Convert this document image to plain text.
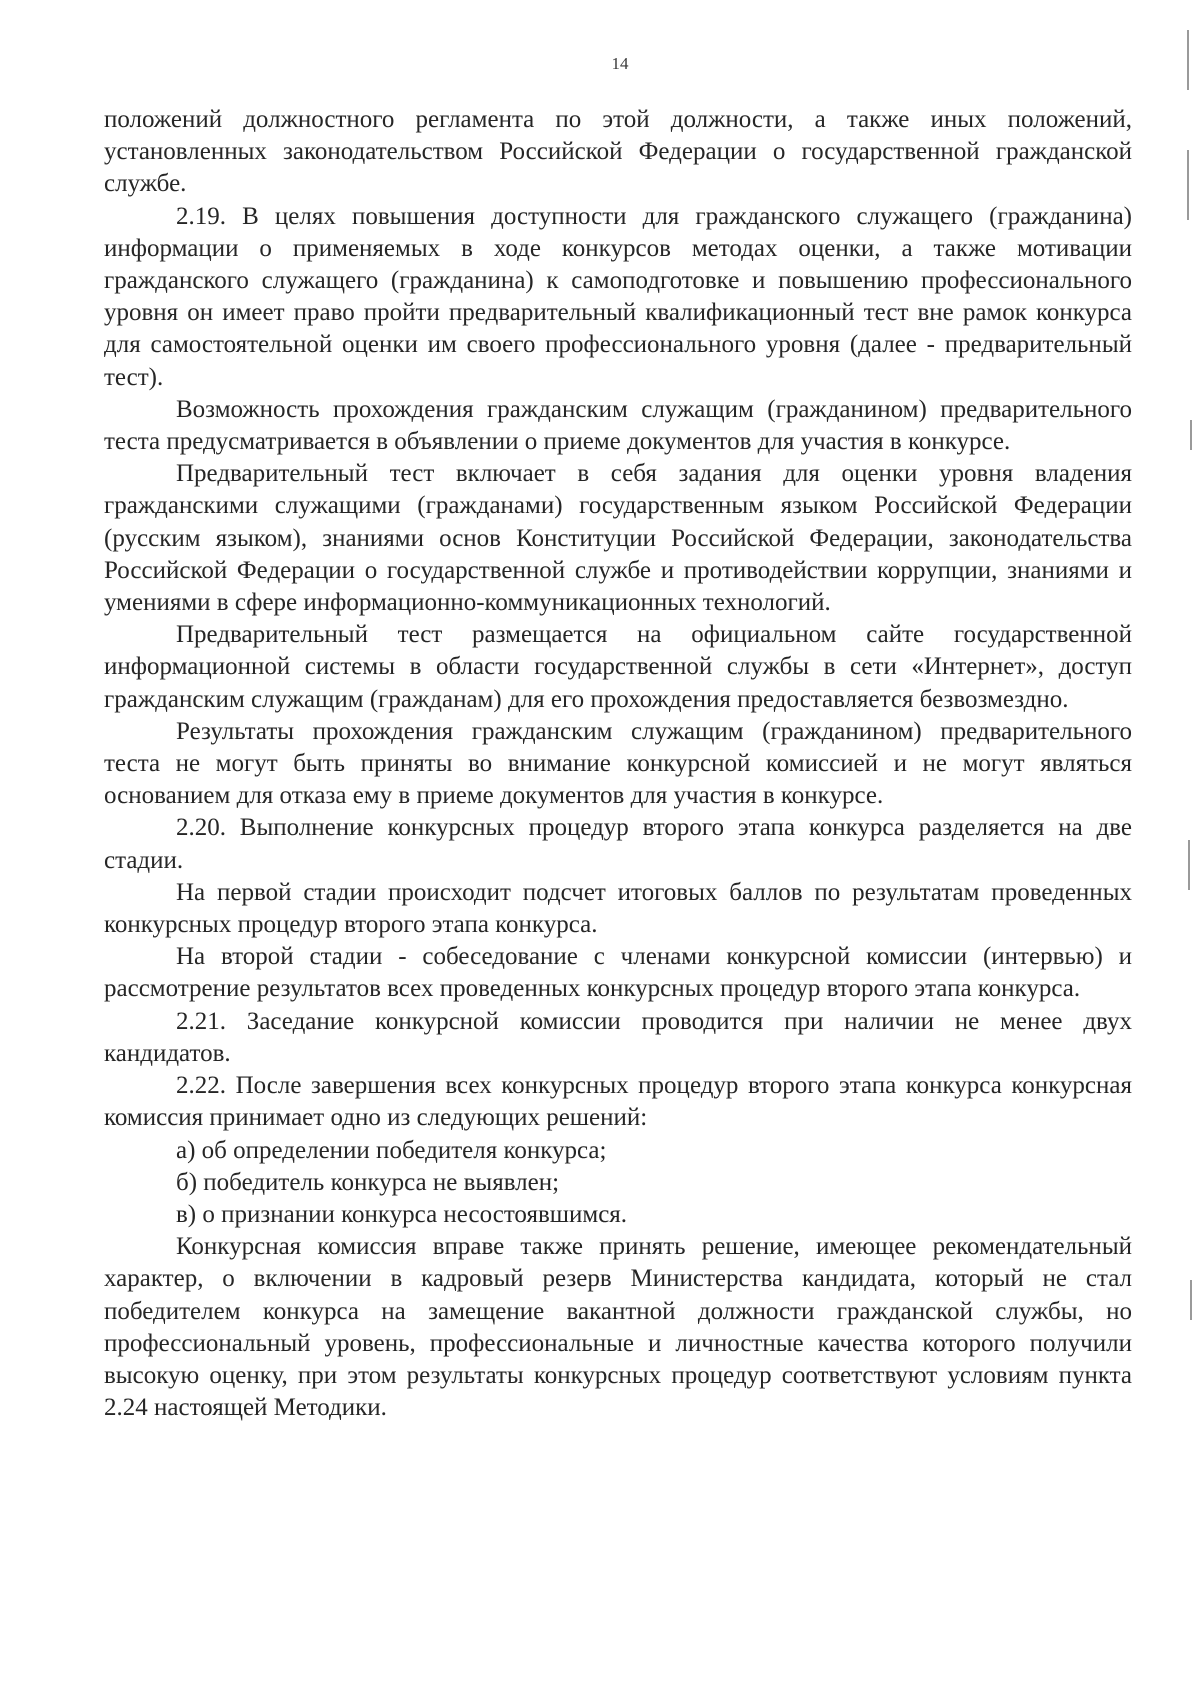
14

положений должностного регламента по этой должности, а также иных положений, установленных законодательством Российской Федерации о государственной гражданской службе.

2.19. В целях повышения доступности для гражданского служащего (гражданина) информации о применяемых в ходе конкурсов методах оценки, а также мотивации гражданского служащего (гражданина) к самоподготовке и повышению профессионального уровня он имеет право пройти предварительный квалификационный тест вне рамок конкурса для самостоятельной оценки им своего профессионального уровня (далее - предварительный тест).

Возможность прохождения гражданским служащим (гражданином) предварительного теста предусматривается в объявлении о приеме документов для участия в конкурсе.

Предварительный тест включает в себя задания для оценки уровня владения гражданскими служащими (гражданами) государственным языком Российской Федерации (русским языком), знаниями основ Конституции Российской Федерации, законодательства Российской Федерации о государственной службе и противодействии коррупции, знаниями и умениями в сфере информационно-коммуникационных технологий.

Предварительный тест размещается на официальном сайте государственной информационной системы в области государственной службы в сети «Интернет», доступ гражданским служащим (гражданам) для его прохождения предоставляется безвозмездно.

Результаты прохождения гражданским служащим (гражданином) предварительного теста не могут быть приняты во внимание конкурсной комиссией и не могут являться основанием для отказа ему в приеме документов для участия в конкурсе.

2.20. Выполнение конкурсных процедур второго этапа конкурса разделяется на две стадии.

На первой стадии происходит подсчет итоговых баллов по результатам проведенных конкурсных процедур второго этапа конкурса.

На второй стадии - собеседование с членами конкурсной комиссии (интервью) и рассмотрение результатов всех проведенных конкурсных процедур второго этапа конкурса.

2.21. Заседание конкурсной комиссии проводится при наличии не менее двух кандидатов.

2.22. После завершения всех конкурсных процедур второго этапа конкурса конкурсная комиссия принимает одно из следующих решений:

а) об определении победителя конкурса;

б) победитель конкурса не выявлен;

в) о признании конкурса несостоявшимся.

Конкурсная комиссия вправе также принять решение, имеющее рекомендательный характер, о включении в кадровый резерв Министерства кандидата, который не стал победителем конкурса на замещение вакантной должности гражданской службы, но профессиональный уровень, профессиональные и личностные качества которого получили высокую оценку, при этом результаты конкурсных процедур соответствуют условиям пункта 2.24 настоящей Методики.
